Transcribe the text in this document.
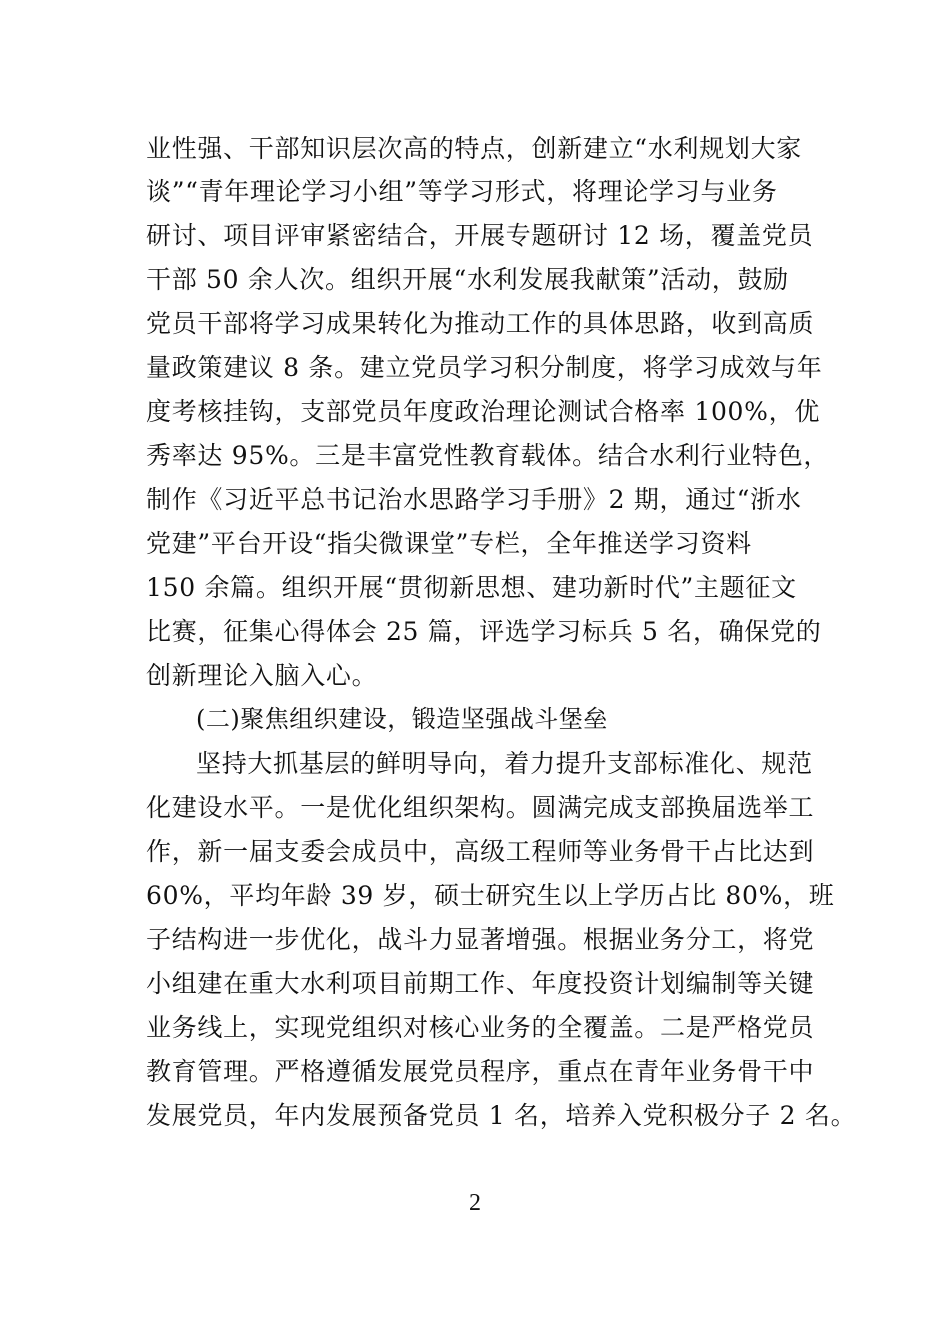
业性强、干部知识层次高的特点，创新建立“水利规划大家
谈”“青年理论学习小组”等学习形式，将理论学习与业务
研讨、项目评审紧密结合，开展专题研讨 12 场，覆盖党员
干部 50 余人次。组织开展“水利发展我献策”活动，鼓励
党员干部将学习成果转化为推动工作的具体思路，收到高质
量政策建议 8 条。建立党员学习积分制度，将学习成效与年
度考核挂钩，支部党员年度政治理论测试合格率 100%，优
秀率达 95%。三是丰富党性教育载体。结合水利行业特色，
制作《习近平总书记治水思路学习手册》2 期，通过“浙水
党建”平台开设“指尖微课堂”专栏，全年推送学习资料
150 余篇。组织开展“贯彻新思想、建功新时代”主题征文
比赛，征集心得体会 25 篇，评选学习标兵 5 名，确保党的
创新理论入脑入心。
(二)聚焦组织建设，锻造坚强战斗堡垒
坚持大抓基层的鲜明导向，着力提升支部标准化、规范
化建设水平。一是优化组织架构。圆满完成支部换届选举工
作，新一届支委会成员中，高级工程师等业务骨干占比达到
60%，平均年龄 39 岁，硕士研究生以上学历占比 80%，班
子结构进一步优化，战斗力显著增强。根据业务分工，将党
小组建在重大水利项目前期工作、年度投资计划编制等关键
业务线上，实现党组织对核心业务的全覆盖。二是严格党员
教育管理。严格遵循发展党员程序，重点在青年业务骨干中
发展党员，年内发展预备党员 1 名，培养入党积极分子 2 名。
2
